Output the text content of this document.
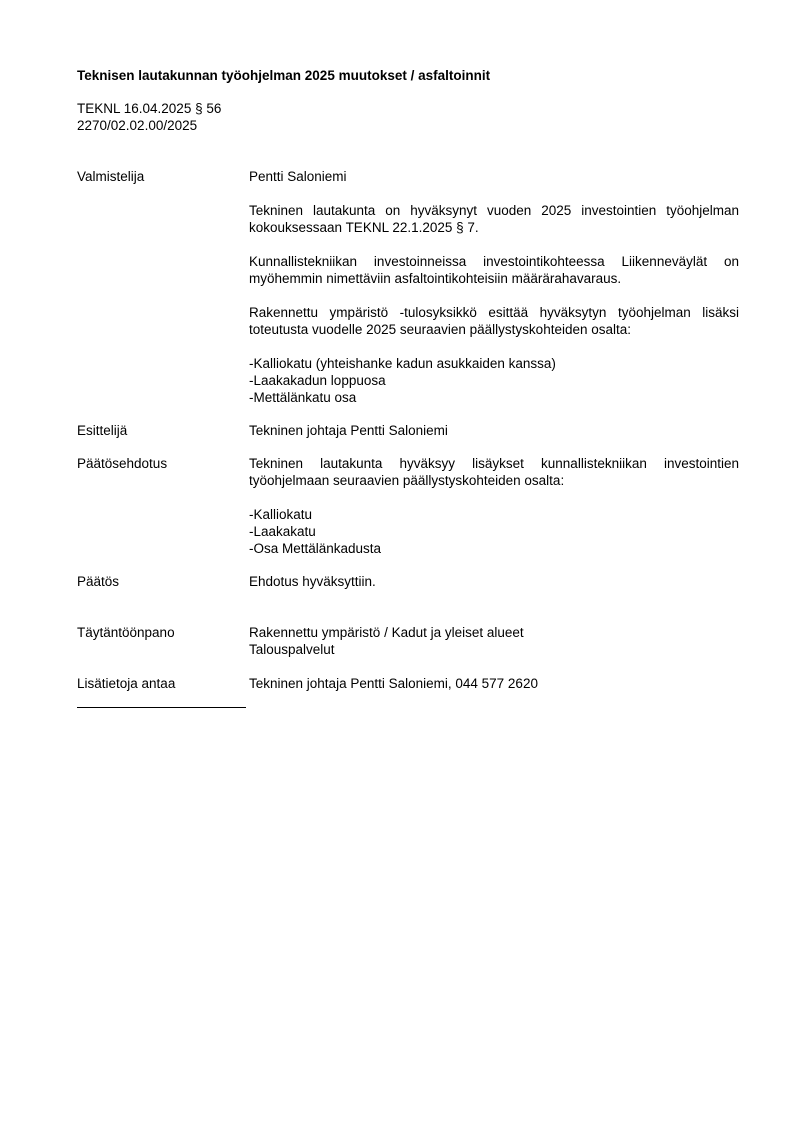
Teknisen lautakunnan työohjelman 2025 muutokset / asfaltoinnit
TEKNL 16.04.2025 § 56
2270/02.02.00/2025
Valmistelija	Pentti Saloniemi

Tekninen lautakunta on hyväksynyt vuoden 2025 investointien työohjelman kokouksessaan TEKNL 22.1.2025 § 7.

Kunnallistekniikan investoinneissa investointikohteessa Liikenneväylät on myöhemmin nimettäviin asfaltointikohteisiin määrärahavaraus.

Rakennettu ympäristö -tulosyksikkö esittää hyväksytyn työohjelman lisäksi toteutusta vuodelle 2025 seuraavien päällystyskohteiden osalta:

-Kalliokatu (yhteishanke kadun asukkaiden kanssa)
-Laakakadun loppuosa
-Mettälänkatu osa
Esittelijä	Tekninen johtaja Pentti Saloniemi
Päätösehdotus	Tekninen lautakunta hyväksyy lisäykset kunnallistekniikan investointien työohjelmaan seuraavien päällystyskohteiden osalta:

-Kalliokatu
-Laakakatu
-Osa Mettälänkadusta
Päätös	Ehdotus hyväksyttiin.
Täytäntöönpano	Rakennettu ympäristö / Kadut ja yleiset alueet
Talouspalvelut
Lisätietoja antaa	Tekninen johtaja Pentti Saloniemi, 044 577 2620
